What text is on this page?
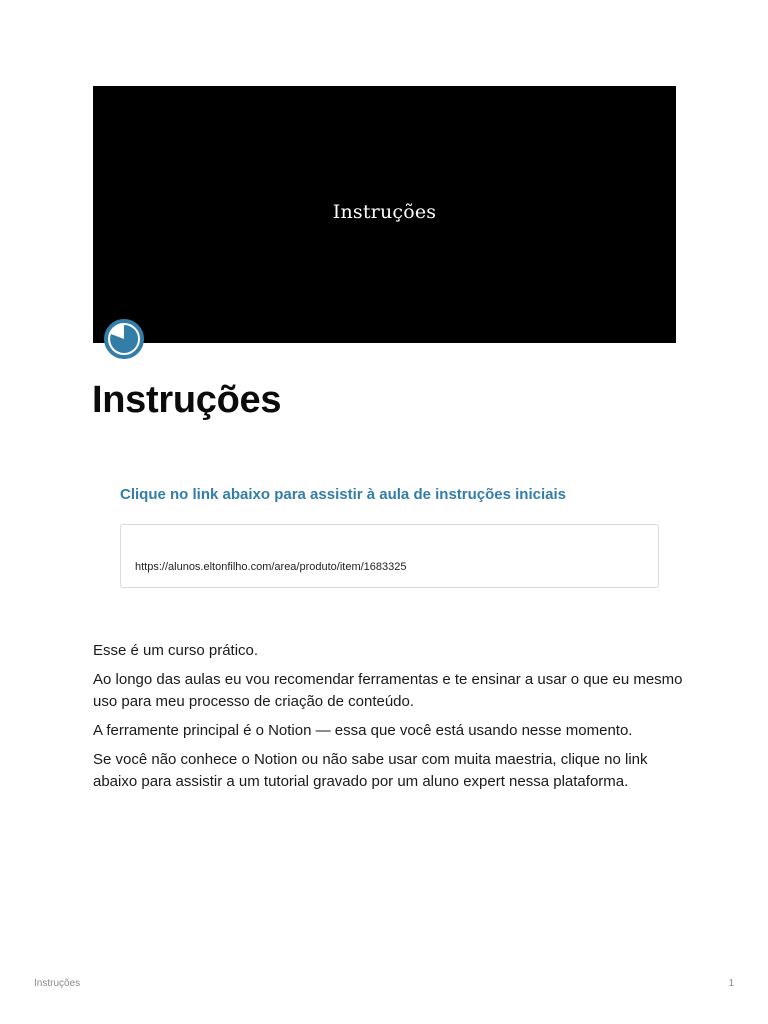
Instruções
Instruções
Clique no link abaixo para assistir à aula de instruções iniciais
https://alunos.eltonfilho.com/area/produto/item/1683325

Esse é um curso prático.

Ao longo das aulas eu vou recomendar ferramentas e te ensinar a usar o que eu mesmo uso para meu processo de criação de conteúdo.

A ferramente principal é o Notion — essa que você está usando nesse momento.

Se você não conhece o Notion ou não sabe usar com muita maestria, clique no link abaixo para assistir a um tutorial gravado por um aluno expert nessa plataforma.

Instruções	1
